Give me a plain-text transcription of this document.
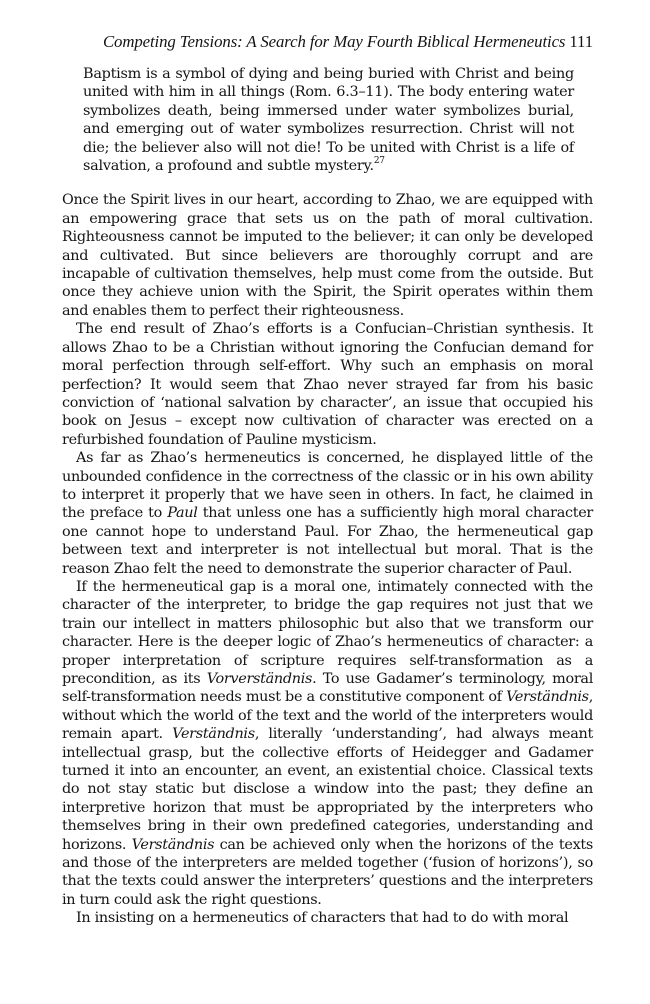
Competing Tensions: A Search for May Fourth Biblical Hermeneutics 111
Baptism is a symbol of dying and being buried with Christ and being united with him in all things (Rom. 6.3–11). The body entering water symbolizes death, being immersed under water symbolizes burial, and emerging out of water symbolizes resurrection. Christ will not die; the believer also will not die! To be united with Christ is a life of salvation, a profound and subtle mystery.$^{27}$

Once the Spirit lives in our heart, according to Zhao, we are equipped with an empowering grace that sets us on the path of moral cultivation. Righteousness cannot be imputed to the believer; it can only be developed and cultivated. But since believers are thoroughly corrupt and are incapable of cultivation themselves, help must come from the outside. But once they achieve union with the Spirit, the Spirit operates within them and enables them to perfect their righteousness.

The end result of Zhao’s efforts is a Confucian–Christian synthesis. It allows Zhao to be a Christian without ignoring the Confucian demand for moral perfection through self-effort. Why such an emphasis on moral perfection? It would seem that Zhao never strayed far from his basic conviction of ‘national salvation by character’, an issue that occupied his book on Jesus – except now cultivation of character was erected on a refurbished foundation of Pauline mysticism.

As far as Zhao’s hermeneutics is concerned, he displayed little of the unbounded confidence in the correctness of the classic or in his own ability to interpret it properly that we have seen in others. In fact, he claimed in the preface to Paul that unless one has a sufficiently high moral character one cannot hope to understand Paul. For Zhao, the hermeneutical gap between text and interpreter is not intellectual but moral. That is the reason Zhao felt the need to demonstrate the superior character of Paul.

If the hermeneutical gap is a moral one, intimately connected with the character of the interpreter, to bridge the gap requires not just that we train our intellect in matters philosophic but also that we transform our character. Here is the deeper logic of Zhao’s hermeneutics of character: a proper interpretation of scripture requires self-transformation as a precondition, as its Vorverständnis. To use Gadamer’s terminology, moral self-transformation needs must be a constitutive component of Verständnis, without which the world of the text and the world of the interpreters would remain apart. Verständnis, literally ‘understanding’, had always meant intellectual grasp, but the collective efforts of Heidegger and Gadamer turned it into an encounter, an event, an existential choice. Classical texts do not stay static but disclose a window into the past; they define an interpretive horizon that must be appropriated by the interpreters who themselves bring in their own predefined categories, understanding and horizons. Verständnis can be achieved only when the horizons of the texts and those of the interpreters are melded together (‘fusion of horizons’), so that the texts could answer the interpreters’ questions and the interpreters in turn could ask the right questions.

In insisting on a hermeneutics of characters that had to do with moral
